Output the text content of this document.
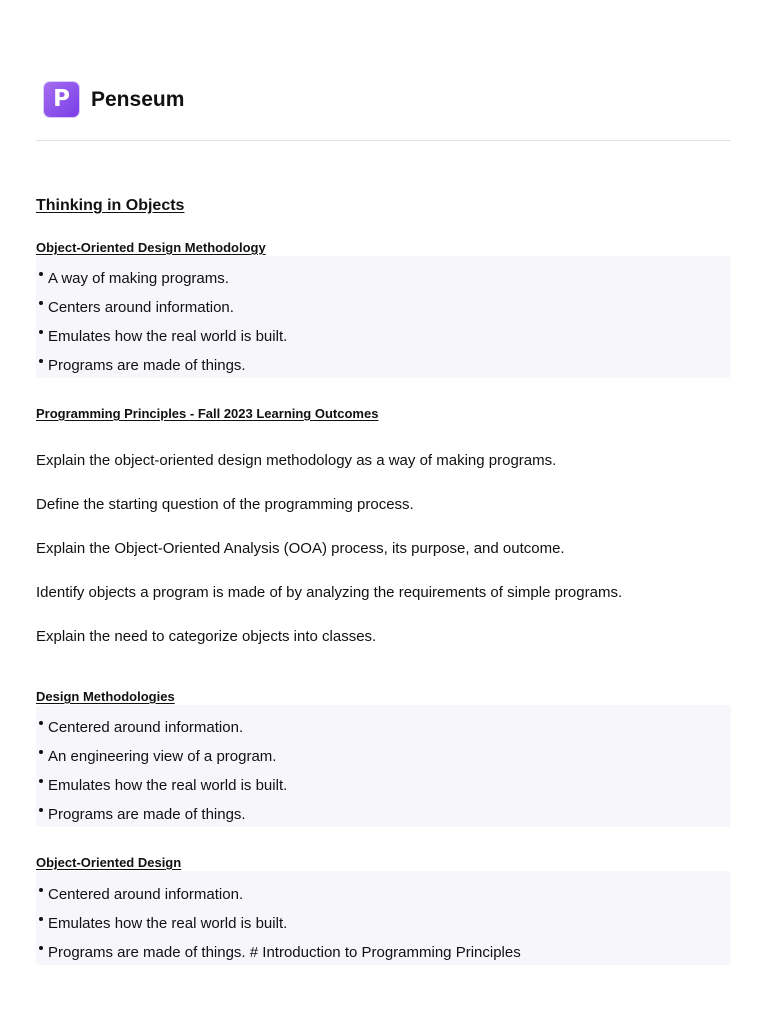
P	Penseum
Thinking in Objects
Object-Oriented Design Methodology
A way of making programs.
Centers around information.
Emulates how the real world is built.
Programs are made of things.
Programming Principles - Fall 2023 Learning Outcomes
Explain the object-oriented design methodology as a way of making programs.
Define the starting question of the programming process.
Explain the Object-Oriented Analysis (OOA) process, its purpose, and outcome.
Identify objects a program is made of by analyzing the requirements of simple programs.
Explain the need to categorize objects into classes.
Design Methodologies
Centered around information.
An engineering view of a program.
Emulates how the real world is built.
Programs are made of things.
Object-Oriented Design
Centered around information.
Emulates how the real world is built.
Programs are made of things. # Introduction to Programming Principles
